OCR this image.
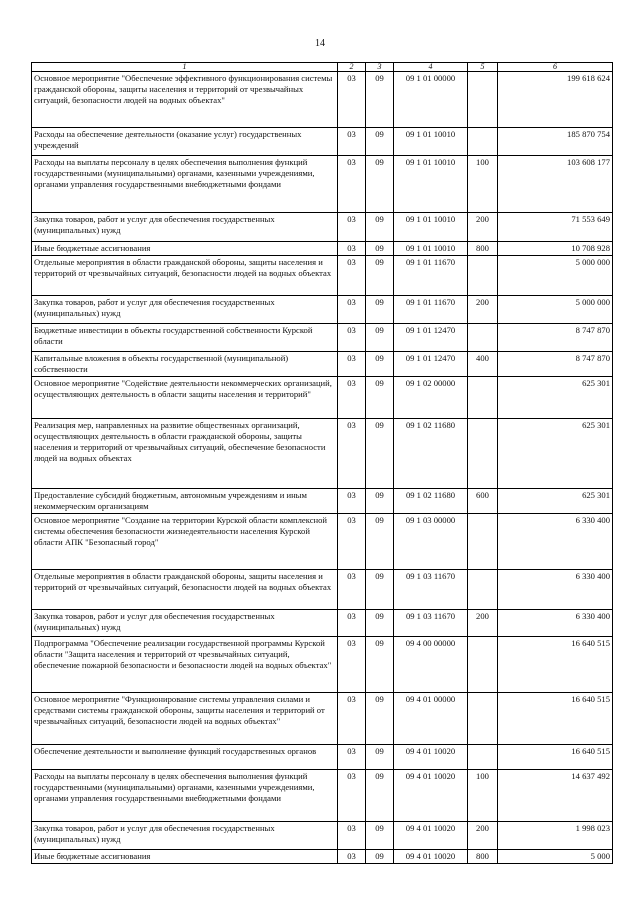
14
1	2	3	4	5	6
Основное мероприятие "Обеспечение эффективного функционирования системы гражданской обороны, защиты населения и территорий от чрезвычайных ситуаций, безопасности людей на водных объектах"	03	09	09 1 01 00000		199 618 624
Расходы на обеспечение деятельности (оказание услуг) государственных учреждений	03	09	09 1 01 10010		185 870 754
Расходы на выплаты персоналу в целях обеспечения выполнения функций государственными (муниципальными) органами, казенными учреждениями, органами управления государственными внебюджетными фондами	03	09	09 1 01 10010	100	103 608 177
Закупка товаров, работ и услуг для обеспечения государственных (муниципальных) нужд	03	09	09 1 01 10010	200	71 553 649
Иные бюджетные ассигнования	03	09	09 1 01 10010	800	10 708 928
Отдельные мероприятия в области гражданской обороны, защиты населения и территорий от чрезвычайных ситуаций, безопасности людей на водных объектах	03	09	09 1 01 11670		5 000 000
Закупка товаров, работ и услуг для обеспечения государственных (муниципальных) нужд	03	09	09 1 01 11670	200	5 000 000
Бюджетные инвестиции в объекты государственной собственности Курской области	03	09	09 1 01 12470		8 747 870
Капитальные вложения в объекты государственной (муниципальной) собственности	03	09	09 1 01 12470	400	8 747 870
Основное мероприятие "Содействие деятельности некоммерческих организаций, осуществляющих деятельность в области защиты населения и территорий"	03	09	09 1 02 00000		625 301
Реализация мер, направленных на развитие общественных организаций, осуществляющих деятельность в области гражданской обороны, защиты населения и территорий от чрезвычайных ситуаций, обеспечение безопасности людей на водных объектах	03	09	09 1 02 11680		625 301
Предоставление субсидий бюджетным, автономным учреждениям и иным некоммерческим организациям	03	09	09 1 02 11680	600	625 301
Основное мероприятие "Создание на территории Курской области комплексной системы обеспечения безопасности жизнедеятельности населения Курской области АПК "Безопасный город"	03	09	09 1 03 00000		6 330 400
Отдельные мероприятия в области гражданской обороны, защиты населения и территорий от чрезвычайных ситуаций, безопасности людей на водных объектах	03	09	09 1 03 11670		6 330 400
Закупка товаров, работ и услуг для обеспечения государственных (муниципальных) нужд	03	09	09 1 03 11670	200	6 330 400
Подпрограмма "Обеспечение реализации государственной программы Курской области "Защита населения и территорий от чрезвычайных ситуаций, обеспечение пожарной безопасности и безопасности людей на водных объектах"	03	09	09 4 00 00000		16 640 515
Основное мероприятие "Функционирование системы управления силами и средствами системы гражданской обороны, защиты населения и территорий от чрезвычайных ситуаций, безопасности людей на водных объектах"	03	09	09 4 01 00000		16 640 515
Обеспечение деятельности и выполнение функций государственных органов	03	09	09 4 01 10020		16 640 515
Расходы на выплаты персоналу в целях обеспечения выполнения функций государственными (муниципальными) органами, казенными учреждениями, органами управления государственными внебюджетными фондами	03	09	09 4 01 10020	100	14 637 492
Закупка товаров, работ и услуг для обеспечения государственных (муниципальных) нужд	03	09	09 4 01 10020	200	1 998 023
Иные бюджетные ассигнования	03	09	09 4 01 10020	800	5 000
